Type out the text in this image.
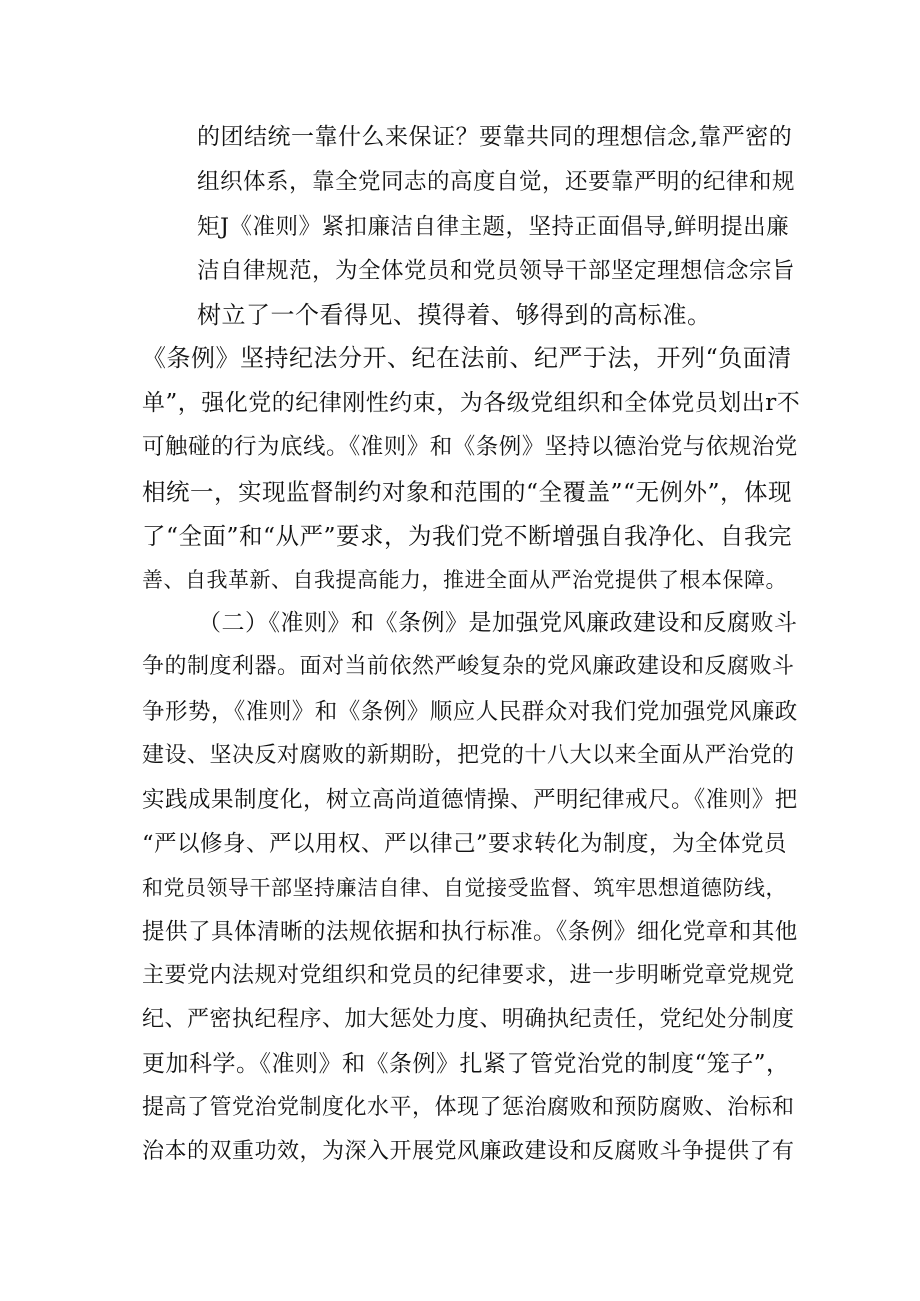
的团结统一靠什么来保证？要靠共同的理想信念,靠严密的
组织体系，靠全党同志的高度自觉，还要靠严明的纪律和规
矩J《准则》紧扣廉洁自律主题，坚持正面倡导,鲜明提出廉
洁自律规范，为全体党员和党员领导干部坚定理想信念宗旨
树立了一个看得见、摸得着、够得到的高标准。
《条例》坚持纪法分开、纪在法前、纪严于法，开列“负面清
单”，强化党的纪律刚性约束，为各级党组织和全体党员划出r不
可触碰的行为底线。《准则》和《条例》坚持以德治党与依规治党
相统一，实现监督制约对象和范围的“全覆盖”“无例外”，体现
了“全面”和“从严”要求，为我们党不断增强自我净化、自我完
善、自我革新、自我提高能力，推进全面从严治党提供了根本保障。
（二）《准则》和《条例》是加强党风廉政建设和反腐败斗
争的制度利器。面对当前依然严峻复杂的党风廉政建设和反腐败斗
争形势，《准则》和《条例》顺应人民群众对我们党加强党风廉政
建设、坚决反对腐败的新期盼，把党的十八大以来全面从严治党的
实践成果制度化，树立高尚道德情操、严明纪律戒尺。《准则》把
“严以修身、严以用权、严以律己”要求转化为制度，为全体党员
和党员领导干部坚持廉洁自律、自觉接受监督、筑牢思想道德防线，
提供了具体清晰的法规依据和执行标准。《条例》细化党章和其他
主要党内法规对党组织和党员的纪律要求，进一步明晰党章党规党
纪、严密执纪程序、加大惩处力度、明确执纪责任，党纪处分制度
更加科学。《准则》和《条例》扎紧了管党治党的制度“笼子”，
提高了管党治党制度化水平，体现了惩治腐败和预防腐败、治标和
治本的双重功效，为深入开展党风廉政建设和反腐败斗争提供了有
